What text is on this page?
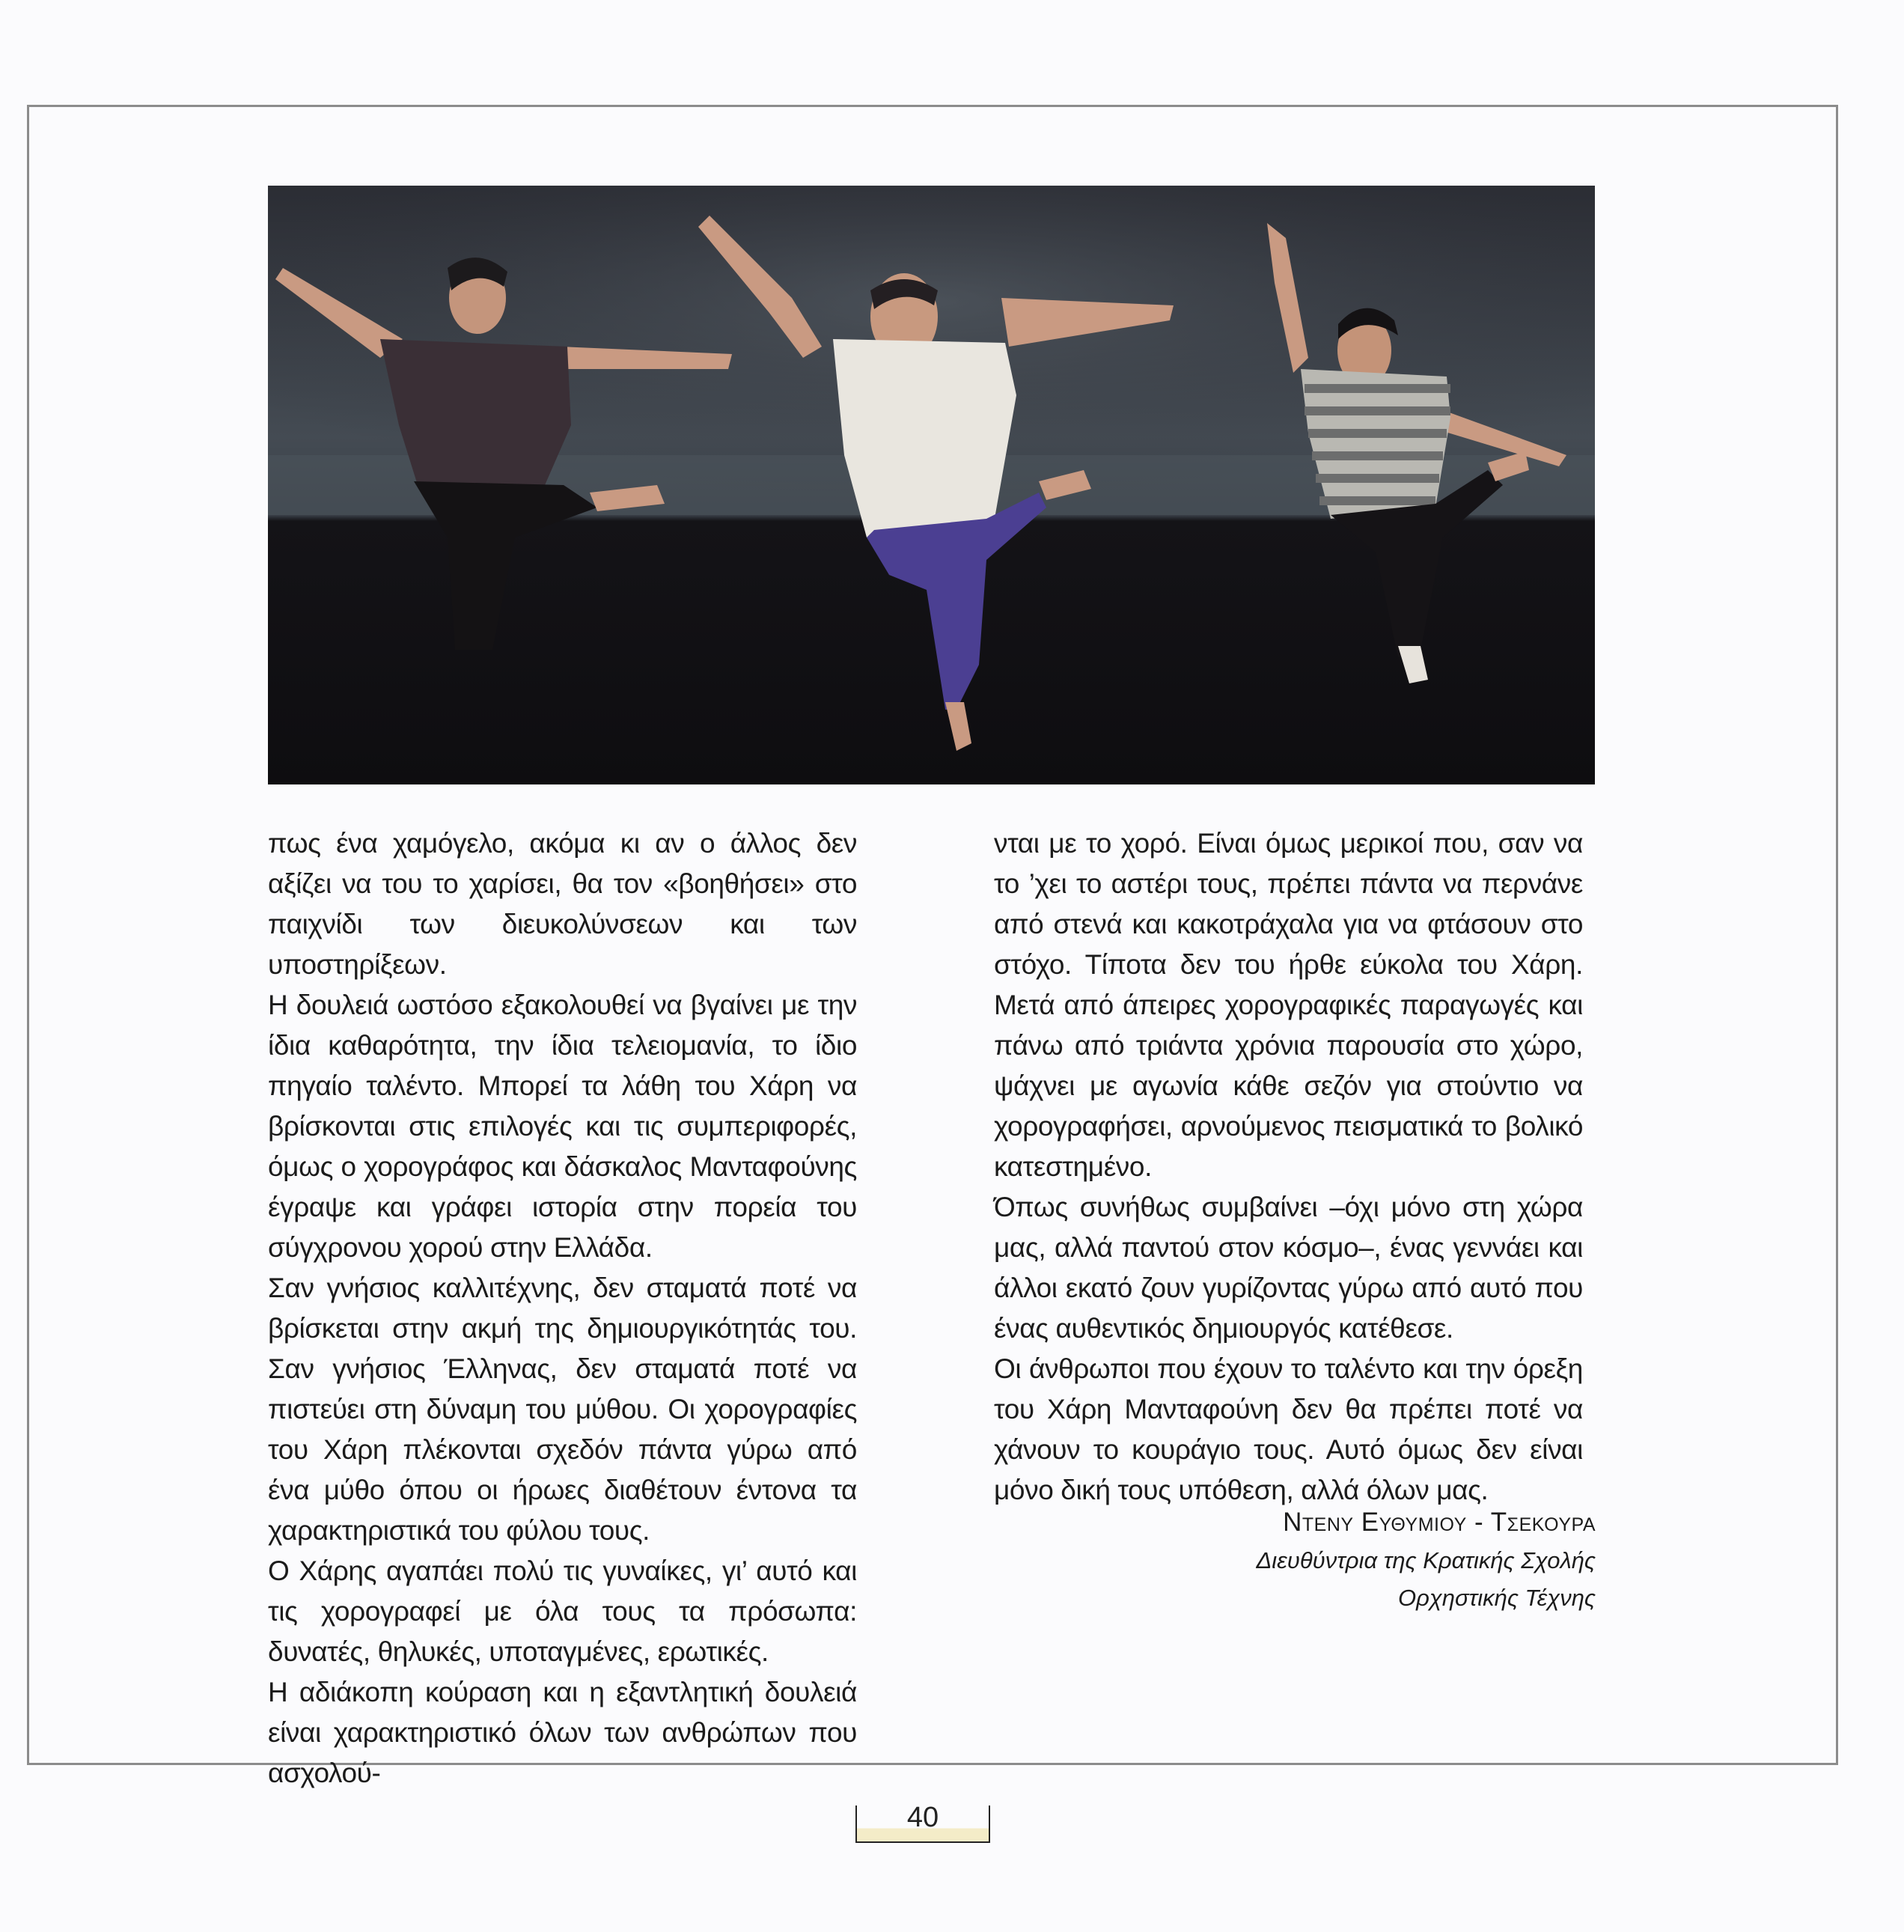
πως ένα χαμόγελο, ακόμα κι αν ο άλλος δεν αξίζει να του το χαρίσει, θα τον «βοηθήσει» στο παιχνίδι των διευκολύνσεων και των υποστηρίξεων.

Η δουλειά ωστόσο εξακολουθεί να βγαίνει με την ίδια καθαρότητα, την ίδια τελειομανία, το ίδιο πηγαίο ταλέντο. Μπορεί τα λάθη του Χάρη να βρίσκονται στις επιλογές και τις συμπεριφορές, όμως ο χορογράφος και δάσκαλος Μανταφούνης έγραψε και γράφει ιστορία στην πορεία του σύγχρονου χορού στην Ελλάδα.

Σαν γνήσιος καλλιτέχνης, δεν σταματά ποτέ να βρίσκεται στην ακμή της δημιουργικότητάς του. Σαν γνήσιος Έλληνας, δεν σταματά ποτέ να πιστεύει στη δύναμη του μύθου. Οι χορογραφίες του Χάρη πλέκονται σχεδόν πάντα γύρω από ένα μύθο όπου οι ήρωες διαθέτουν έντονα τα χαρακτηριστικά του φύλου τους.

Ο Χάρης αγαπάει πολύ τις γυναίκες, γι’ αυτό και τις χορογραφεί με όλα τους τα πρόσωπα: δυνατές, θηλυκές, υποταγμένες, ερωτικές.

Η αδιάκοπη κούραση και η εξαντλητική δουλειά είναι χαρακτηριστικό όλων των ανθρώπων που ασχολού-

νται με το χορό. Είναι όμως μερικοί που, σαν να το ’χει το αστέρι τους, πρέπει πάντα να περνάνε από στενά και κακοτράχαλα για να φτάσουν στο στόχο. Τίποτα δεν του ήρθε εύκολα του Χάρη. Μετά από άπειρες χορογραφικές παραγωγές και πάνω από τριάντα χρόνια παρουσία στο χώρο, ψάχνει με αγωνία κάθε σεζόν για στούντιο να χορογραφήσει, αρνούμενος πεισματικά το βολικό κατεστημένο.

Όπως συνήθως συμβαίνει –όχι μόνο στη χώρα μας, αλλά παντού στον κόσμο–, ένας γεννάει και άλλοι εκατό ζουν γυρίζοντας γύρω από αυτό που ένας αυθεντικός δημιουργός κατέθεσε.

Οι άνθρωποι που έχουν το ταλέντο και την όρεξη του Χάρη Μανταφούνη δεν θα πρέπει ποτέ να χάνουν το κουράγιο τους. Αυτό όμως δεν είναι μόνο δική τους υπόθεση, αλλά όλων μας.

Ντενυ Ευθυμιου - Τσεκουρα
Διευθύντρια της Κρατικής Σχολής
Ορχηστικής Τέχνης
40
